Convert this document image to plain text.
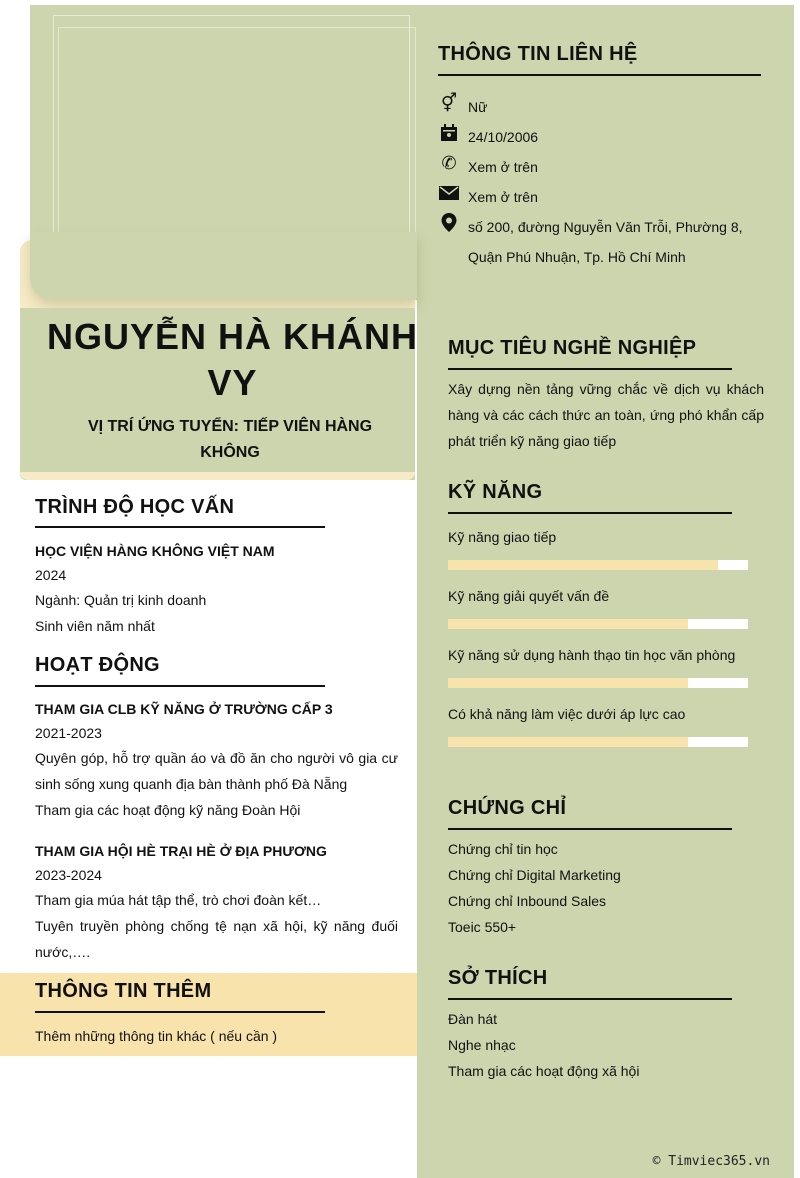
NGUYỄN HÀ KHÁNH VY
VỊ TRÍ ỨNG TUYỂN: TIẾP VIÊN HÀNG KHÔNG
THÔNG TIN LIÊN HỆ
⚥ Nữ
24/10/2006
✆ Xem ở trên
Xem ở trên
số 200, đường Nguyễn Văn Trỗi, Phường 8,
Quận Phú Nhuận, Tp. Hồ Chí Minh
MỤC TIÊU NGHỀ NGHIỆP
Xây dựng nền tảng vững chắc về dịch vụ khách hàng và các cách thức an toàn, ứng phó khẩn cấp phát triển kỹ năng giao tiếp
KỸ NĂNG
Kỹ năng giao tiếp
Kỹ năng giải quyết vấn đề
Kỹ năng sử dụng hành thạo tin học văn phòng
Có khả năng làm việc dưới áp lực cao
CHỨNG CHỈ
Chứng chỉ tin học
Chứng chỉ Digital Marketing
Chứng chỉ Inbound Sales
Toeic 550+
SỞ THÍCH
Đàn hát
Nghe nhạc
Tham gia các hoạt động xã hội
TRÌNH ĐỘ HỌC VẤN
HỌC VIỆN HÀNG KHÔNG VIỆT NAM
2024
Ngành: Quản trị kinh doanh
Sinh viên năm nhất
HOẠT ĐỘNG
THAM GIA CLB KỸ NĂNG Ở TRƯỜNG CẤP 3
2021-2023
Quyên góp, hỗ trợ quần áo và đồ ăn cho người vô gia cư sinh sống xung quanh địa bàn thành phố Đà Nẵng
Tham gia các hoạt động kỹ năng Đoàn Hội
THAM GIA HỘI HÈ TRẠI HÈ Ở ĐỊA PHƯƠNG
2023-2024
Tham gia múa hát tập thể, trò chơi đoàn kết…
Tuyên truyền phòng chống tệ nạn xã hội, kỹ năng đuối nước,….
THÔNG TIN THÊM
Thêm những thông tin khác ( nếu cần )
© Timviec365.vn
